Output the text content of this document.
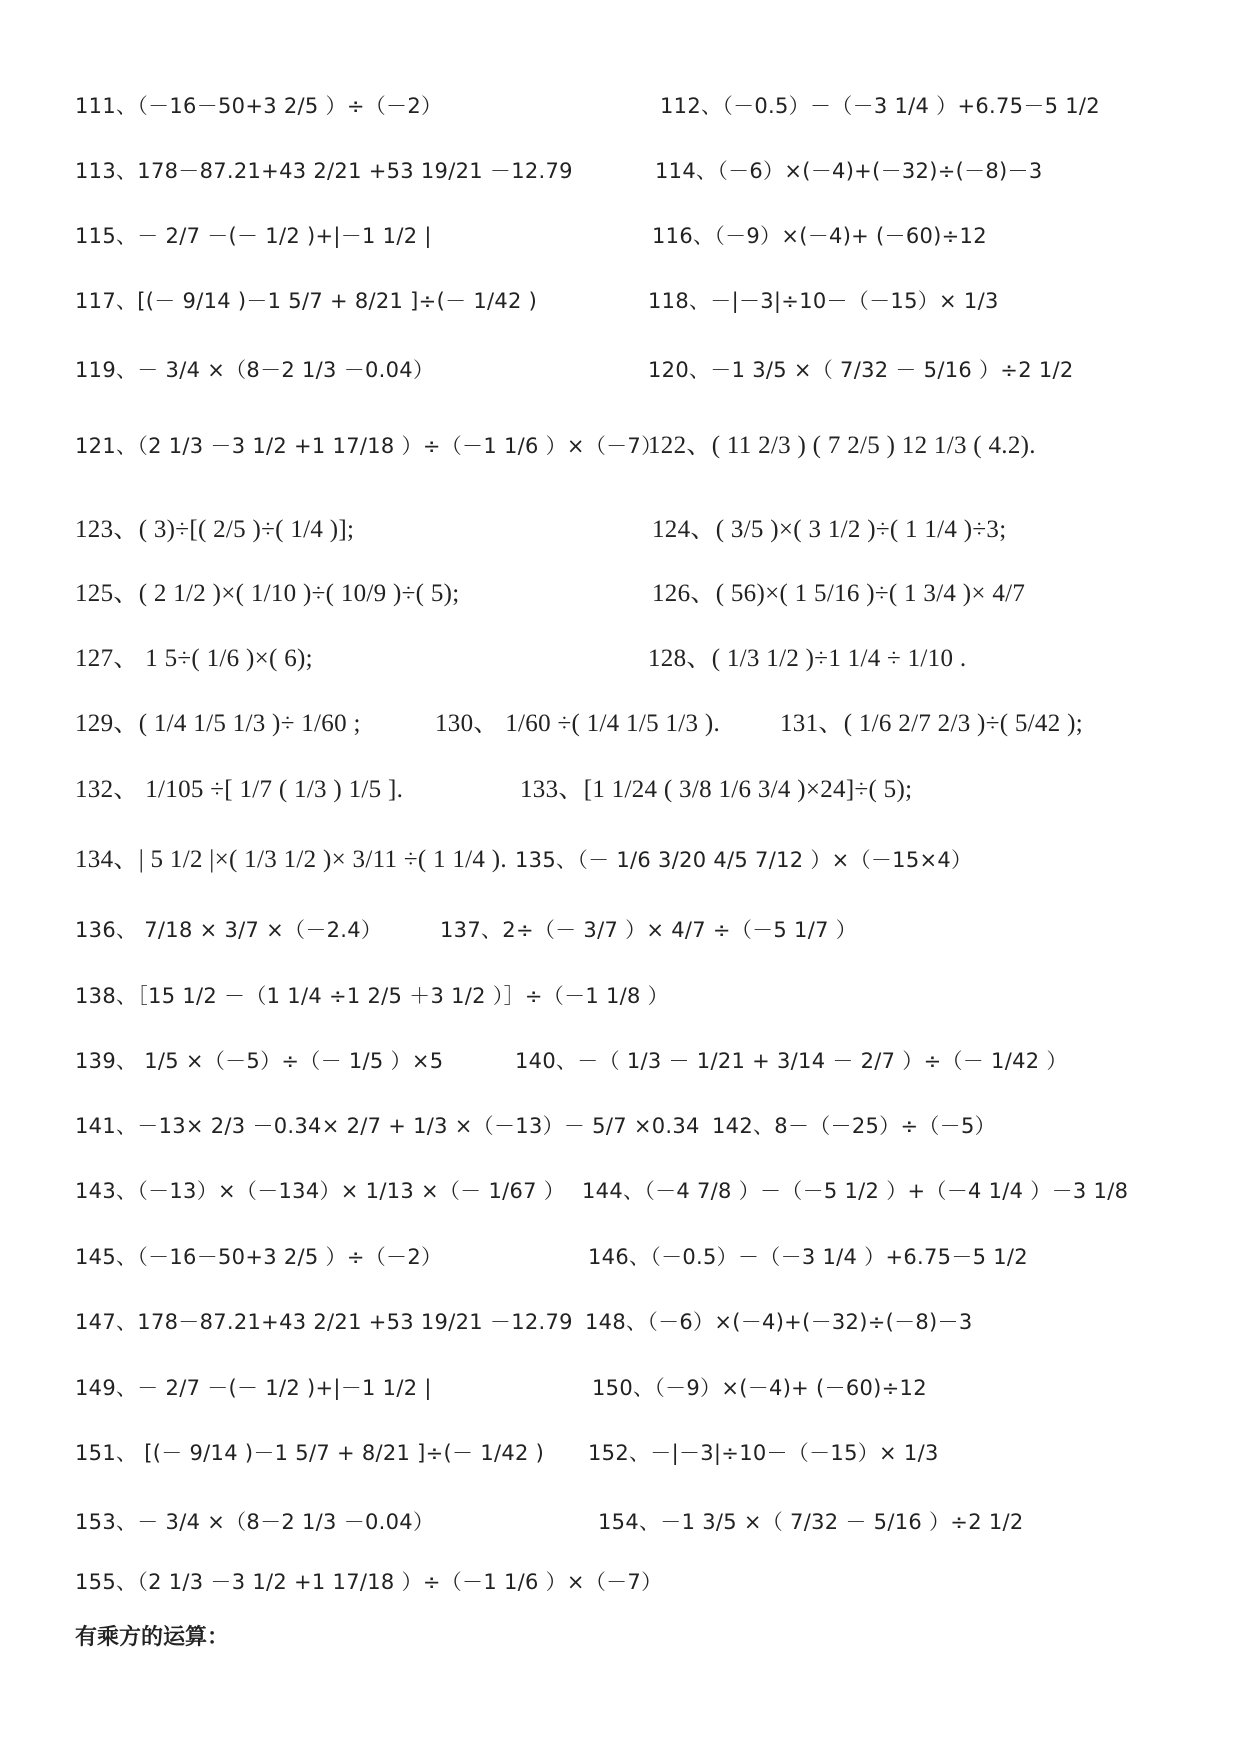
111、（－16－50+3 2/5 ）÷（－2）	112、（－0.5）－（－3 1/4 ）+6.75－5 1/2
113、178－87.21+43 2/21 +53 19/21 －12.79	114、（－6）×(－4)+(－32)÷(－8)－3
115、－ 2/7 －(－ 1/2 )+|－1 1/2 |	116、（－9）×(－4)+ (－60)÷12
117、[(－ 9/14 )－1 5/7 + 8/21 ]÷(－ 1/42 )	118、－|－3|÷10－（－15）× 1/3
119、－ 3/4 ×（8－2 1/3 －0.04）	120、－1 3/5 ×（ 7/32 － 5/16 ）÷2 1/2
121、（2 1/3 －3 1/2 +1 17/18 ）÷（－1 1/6 ）×（－7）
122、( 11 2/3 ) ( 7 2/5 ) 12 1/3 ( 4.2).
123、( 3)÷[( 2/5 )÷( 1/4 )];	124、( 3/5 )×( 3 1/2 )÷( 1 1/4 )÷3;
125、( 2 1/2 )×( 1/10 )÷( 10/9 )÷( 5);	126、( 56)×( 1 5/16 )÷( 1 3/4 )× 4/7
127、 1 5÷( 1/6 )×( 6);	128、( 1/3 1/2 )÷1 1/4 ÷ 1/10 .
129、( 1/4 1/5 1/3 )÷ 1/60 ;	130、 1/60 ÷( 1/4 1/5 1/3 ). 131、( 1/6 2/7 2/3 )÷( 5/42 );
132、 1/105 ÷[ 1/7 ( 1/3 ) 1/5 ].	133、[1 1/24 ( 3/8 1/6 3/4 )×24]÷( 5);
134、| 5 1/2 |×( 1/3 1/2 )× 3/11 ÷( 1 1/4 ). 135、（－ 1/6 3/20 4/5 7/12 ）×（－15×4）
136、 7/18 × 3/7 ×（－2.4）	137、2÷（－ 3/7 ）× 4/7 ÷（－5 1/7 ）
138、［15 1/2 －（1 1/4 ÷1 2/5 ＋3 1/2 ）］÷（－1 1/8 ）
139、 1/5 ×（－5）÷（－ 1/5 ）×5	140、－（ 1/3 － 1/21 + 3/14 － 2/7 ）÷（－ 1/42 ）
141、－13× 2/3 －0.34× 2/7 + 1/3 ×（－13）－ 5/7 ×0.34 142、8－（－25）÷（－5）
143、（－13）×（－134）× 1/13 ×（－ 1/67 ） 144、（－4 7/8 ）－（－5 1/2 ）+（－4 1/4 ）－3 1/8
145、（－16－50+3 2/5 ）÷（－2）	146、（－0.5）－（－3 1/4 ）+6.75－5 1/2
147、178－87.21+43 2/21 +53 19/21 －12.79 148、（－6）×(－4)+(－32)÷(－8)－3
149、－ 2/7 －(－ 1/2 )+|－1 1/2 |	150、（－9）×(－4)+ (－60)÷12
151、 [(－ 9/14 )－1 5/7 + 8/21 ]÷(－ 1/42 ) 152、－|－3|÷10－（－15）× 1/3
153、－ 3/4 ×（8－2 1/3 －0.04）	154、－1 3/5 ×（ 7/32 － 5/16 ）÷2 1/2
155、（2 1/3 －3 1/2 +1 17/18 ）÷（－1 1/6 ）×（－7）
有乘方的运算：
